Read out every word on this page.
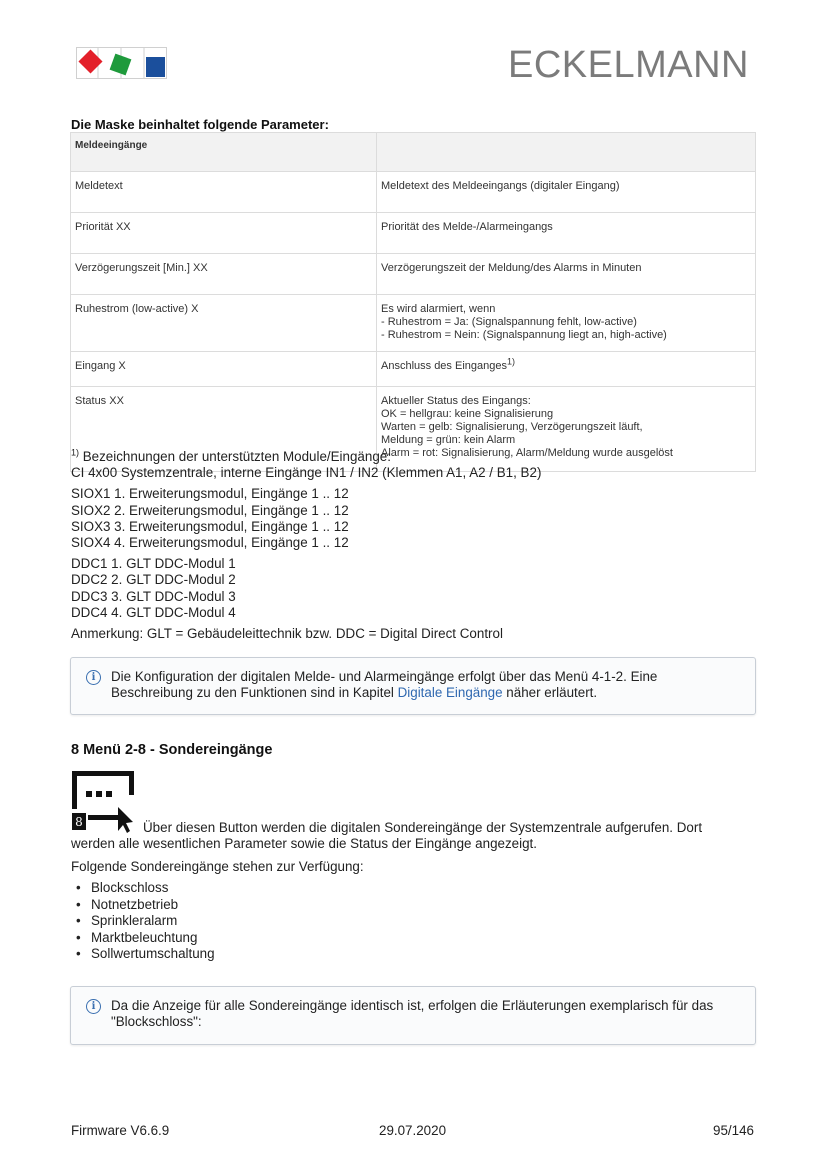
ECKELMANN
Die Maske beinhaltet folgende Parameter:
Meldeeingänge	
Meldetext	Meldetext des Meldeeingangs (digitaler Eingang)
Priorität XX	Priorität des Melde-/Alarmeingangs
Verzögerungszeit [Min.] XX	Verzögerungszeit der Meldung/des Alarms in Minuten
Ruhestrom (low-active) X	Es wird alarmiert, wenn
- Ruhestrom = Ja: (Signalspannung fehlt, low-active)
- Ruhestrom = Nein: (Signalspannung liegt an, high-active)

Eingang X	Anschluss des Einganges$^{1)}$
Status XX	Aktueller Status des Eingangs:
OK = hellgrau: keine Signalisierung
Warten = gelb: Signalisierung, Verzögerungszeit läuft,
Meldung = grün: kein Alarm
Alarm = rot: Signalisierung, Alarm/Meldung wurde ausgelöst
$^{1)}$ Bezeichnungen der unterstützten Module/Eingänge:
CI 4x00 Systemzentrale, interne Eingänge IN1 / IN2 (Klemmen A1, A2 / B1, B2)
SIOX1 1. Erweiterungsmodul, Eingänge 1 .. 12
SIOX2 2. Erweiterungsmodul, Eingänge 1 .. 12
SIOX3 3. Erweiterungsmodul, Eingänge 1 .. 12
SIOX4 4. Erweiterungsmodul, Eingänge 1 .. 12
DDC1 1. GLT DDC-Modul 1
DDC2 2. GLT DDC-Modul 2
DDC3 3. GLT DDC-Modul 3
DDC4 4. GLT DDC-Modul 4
Anmerkung: GLT = Gebäudeleittechnik bzw. DDC = Digital Direct Control
i	Die Konfiguration der digitalen Melde- und Alarmeingänge erfolgt über das Menü 4-1-2. Eine
Beschreibung zu den Funktionen sind in Kapitel Digitale Eingänge näher erläutert.
8 Menü 2-8 - Sondereingänge
8	Über diesen Button werden die digitalen Sondereingänge der Systemzentrale aufgerufen. Dort
werden alle wesentlichen Parameter sowie die Status der Eingänge angezeigt.
Folgende Sondereingänge stehen zur Verfügung:
• Blockschloss
• Notnetzbetrieb
• Sprinkleralarm
• Marktbeleuchtung
• Sollwertumschaltung
i	Da die Anzeige für alle Sondereingänge identisch ist, erfolgen die Erläuterungen exemplarisch für das
"Blockschloss":
Firmware V6.6.9	29.07.2020	95/146
